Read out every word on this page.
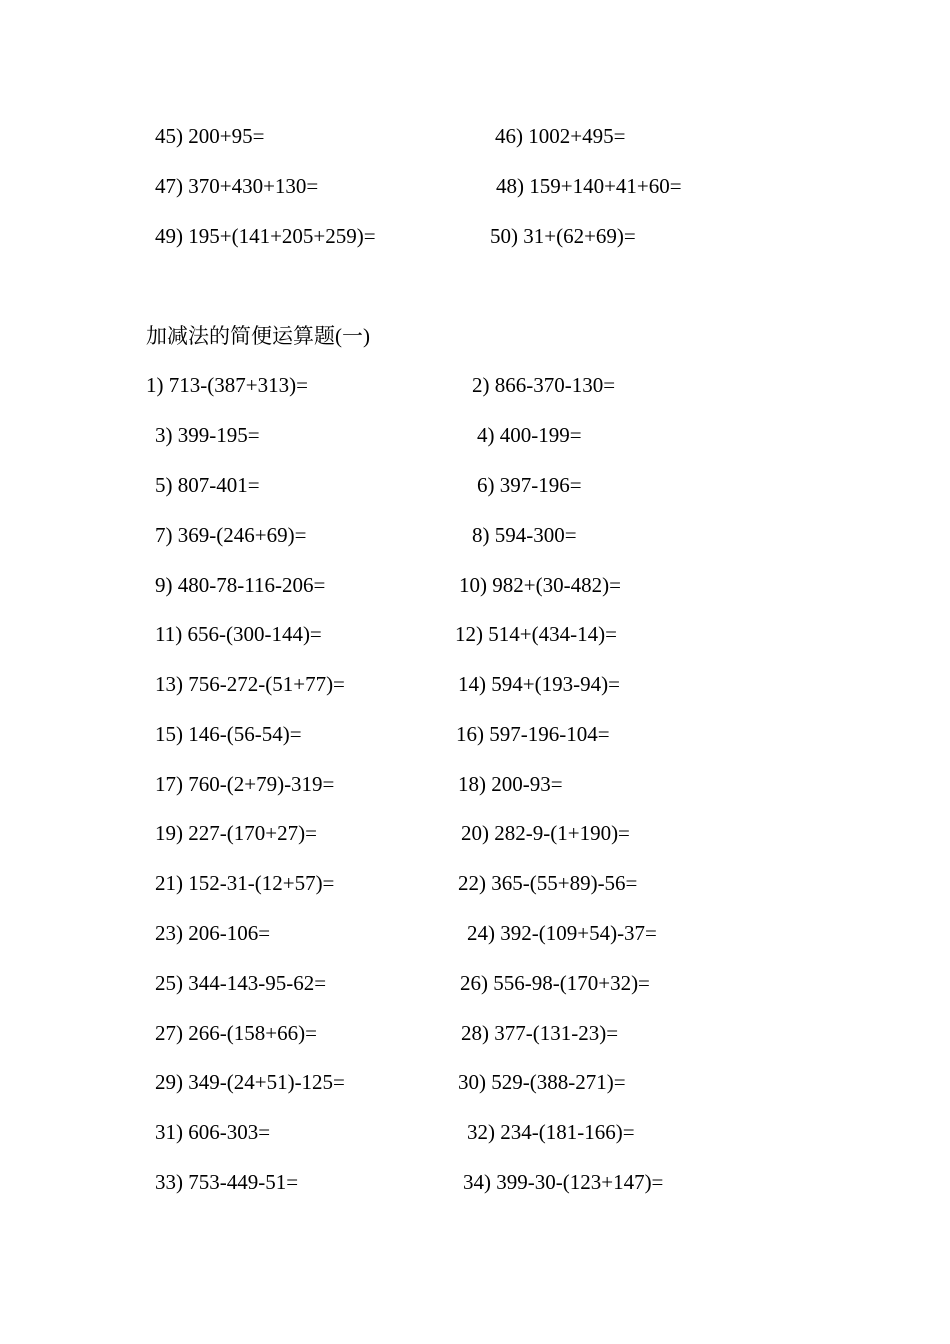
45) 200+95=	46) 1002+495=
47) 370+430+130=	48) 159+140+41+60=
49) 195+(141+205+259)=	50) 31+(62+69)=
加减法的简便运算题(一)
1) 713-(387+313)=	2) 866-370-130=
3) 399-195=	4) 400-199=
5) 807-401=	6) 397-196=
7) 369-(246+69)=	8) 594-300=
9) 480-78-116-206=	10) 982+(30-482)=
11) 656-(300-144)=	12) 514+(434-14)=
13) 756-272-(51+77)=	14) 594+(193-94)=
15) 146-(56-54)=	16) 597-196-104=
17) 760-(2+79)-319=	18) 200-93=
19) 227-(170+27)=	20) 282-9-(1+190)=
21) 152-31-(12+57)=	22) 365-(55+89)-56=
23) 206-106=	24) 392-(109+54)-37=
25) 344-143-95-62=	26) 556-98-(170+32)=
27) 266-(158+66)=	28) 377-(131-23)=
29) 349-(24+51)-125=	30) 529-(388-271)=
31) 606-303=	32) 234-(181-166)=
33) 753-449-51=	34) 399-30-(123+147)=
